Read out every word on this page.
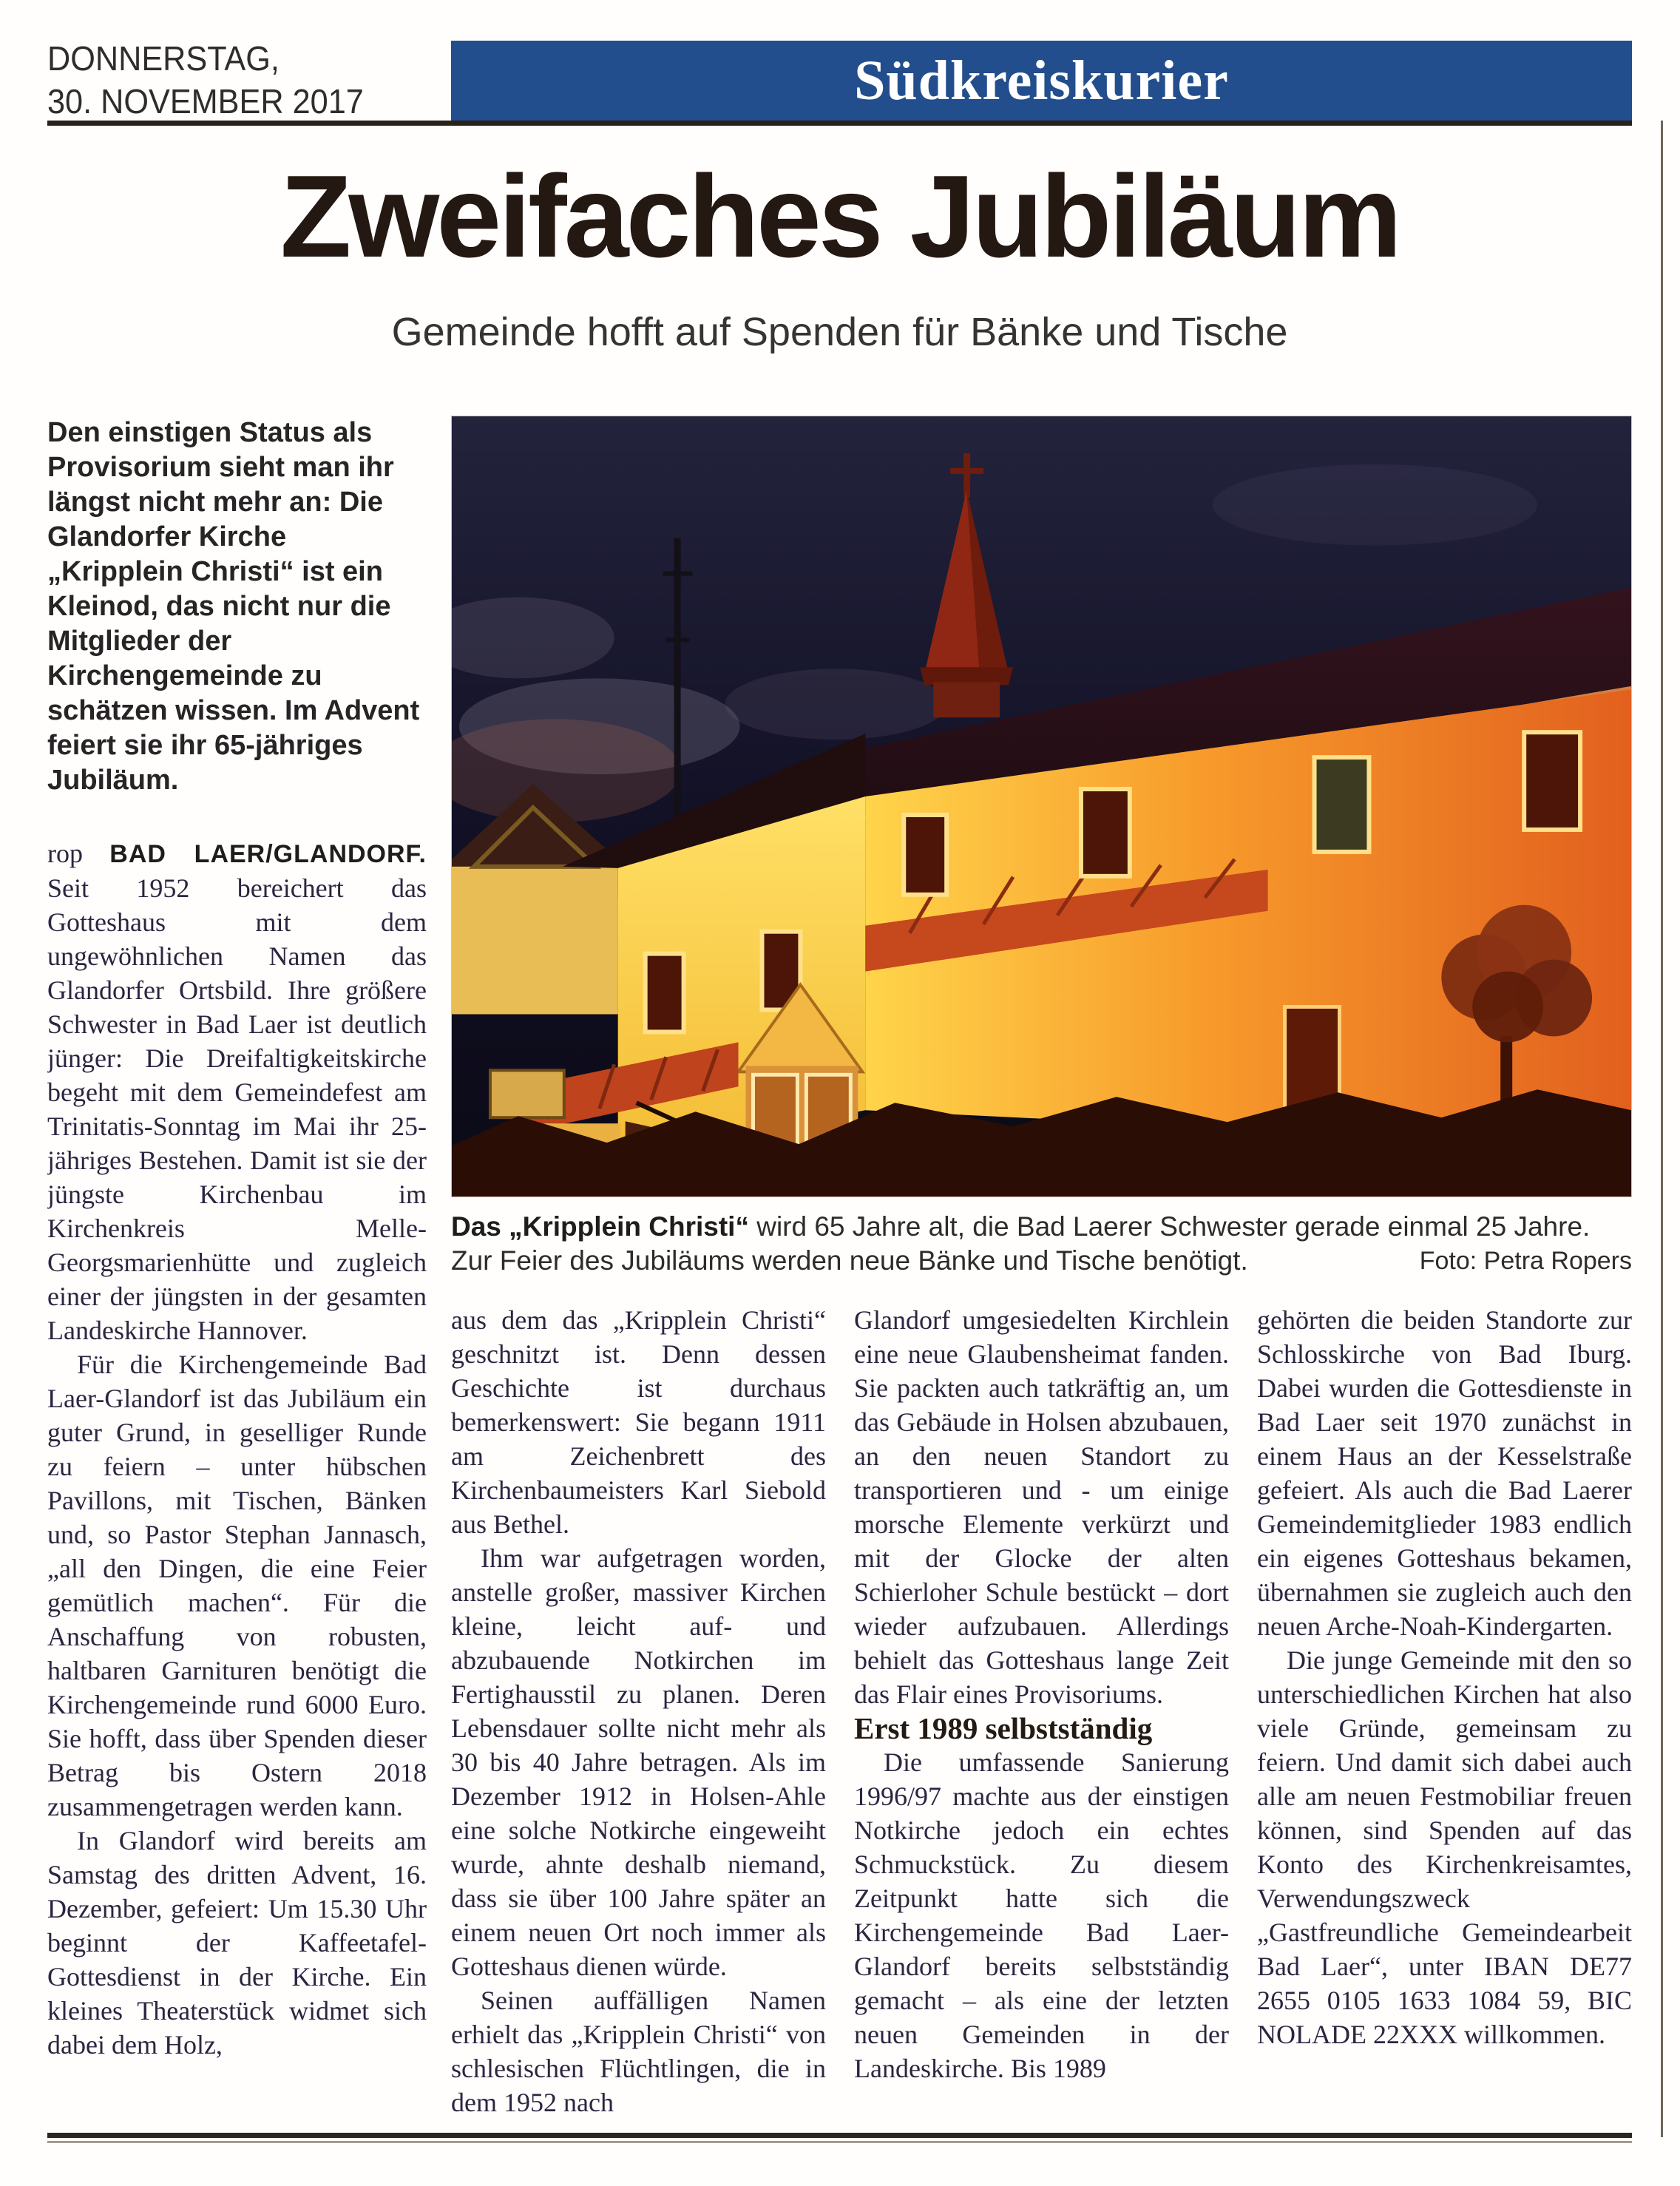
DONNERSTAG,
30. NOVEMBER 2017	Südkreiskurier
Zweifaches Jubiläum
Gemeinde hofft auf Spenden für Bänke und Tische

Den einstigen Status als Provisorium sieht man ihr längst nicht mehr an: Die Glandorfer Kirche „Kripplein Christi“ ist ein Kleinod, das nicht nur die Mitglieder der Kirchengemeinde zu schätzen wissen. Im Advent feiert sie ihr 65-jähriges Jubiläum.

rop BAD LAER/GLANDORF. Seit 1952 bereichert das Gotteshaus mit dem ungewöhnlichen Namen das Glandorfer Ortsbild. Ihre größere Schwester in Bad Laer ist deutlich jünger: Die Dreifaltigkeitskirche begeht mit dem Gemeindefest am Trinitatis-Sonntag im Mai ihr 25-jähriges Bestehen. Damit ist sie der jüngste Kirchenbau im Kirchenkreis Melle-Georgsmarienhütte und zugleich einer der jüngsten in der gesamten Landeskirche Hannover.

Für die Kirchengemeinde Bad Laer-Glandorf ist das Jubiläum ein guter Grund, in geselliger Runde zu feiern – unter hübschen Pavillons, mit Tischen, Bänken und, so Pastor Stephan Jannasch, „all den Dingen, die eine Feier gemütlich machen“. Für die Anschaffung von robusten, haltbaren Garnituren benötigt die Kirchengemeinde rund 6000 Euro. Sie hofft, dass über Spenden dieser Betrag bis Ostern 2018 zusammengetragen werden kann.

In Glandorf wird bereits am Samstag des dritten Advent, 16. Dezember, gefeiert: Um 15.30 Uhr beginnt der Kaffeetafel-Gottesdienst in der Kirche. Ein kleines Theaterstück widmet sich dabei dem Holz,

Das „Kripplein Christi“ wird 65 Jahre alt, die Bad Laerer Schwester gerade einmal 25 Jahre. Zur Feier des Jubiläums werden neue Bänke und Tische benötigt.	Foto: Petra Ropers

aus dem das „Kripplein Christi“ geschnitzt ist. Denn dessen Geschichte ist durchaus bemerkenswert: Sie begann 1911 am Zeichenbrett des Kirchenbaumeisters Karl Siebold aus Bethel.

Ihm war aufgetragen worden, anstelle großer, massiver Kirchen kleine, leicht auf- und abzubauende Notkirchen im Fertighausstil zu planen. Deren Lebensdauer sollte nicht mehr als 30 bis 40 Jahre betragen. Als im Dezember 1912 in Holsen-Ahle eine solche Notkirche eingeweiht wurde, ahnte deshalb niemand, dass sie über 100 Jahre später an einem neuen Ort noch immer als Gotteshaus dienen würde.

Seinen auffälligen Namen erhielt das „Kripplein Christi“ von schlesischen Flüchtlingen, die in dem 1952 nach

Glandorf umgesiedelten Kirchlein eine neue Glaubensheimat fanden. Sie packten auch tatkräftig an, um das Gebäude in Holsen abzubauen, an den neuen Standort zu transportieren und - um einige morsche Elemente verkürzt und mit der Glocke der alten Schierloher Schule bestückt – dort wieder aufzubauen. Allerdings behielt das Gotteshaus lange Zeit das Flair eines Provisoriums.

Erst 1989 selbstständig

Die umfassende Sanierung 1996/97 machte aus der einstigen Notkirche jedoch ein echtes Schmuckstück. Zu diesem Zeitpunkt hatte sich die Kirchengemeinde Bad Laer-Glandorf bereits selbstständig gemacht – als eine der letzten neuen Gemeinden in der Landeskirche. Bis 1989

gehörten die beiden Standorte zur Schlosskirche von Bad Iburg. Dabei wurden die Gottesdienste in Bad Laer seit 1970 zunächst in einem Haus an der Kesselstraße gefeiert. Als auch die Bad Laerer Gemeindemitglieder 1983 endlich ein eigenes Gotteshaus bekamen, übernahmen sie zugleich auch den neuen Arche-Noah-Kindergarten.

Die junge Gemeinde mit den so unterschiedlichen Kirchen hat also viele Gründe, gemeinsam zu feiern. Und damit sich dabei auch alle am neuen Festmobiliar freuen können, sind Spenden auf das Konto des Kirchenkreisamtes, Verwendungszweck „Gastfreundliche Gemeindearbeit Bad Laer“, unter IBAN DE77 2655 0105 1633 1084 59, BIC NOLADE 22XXX willkommen.
